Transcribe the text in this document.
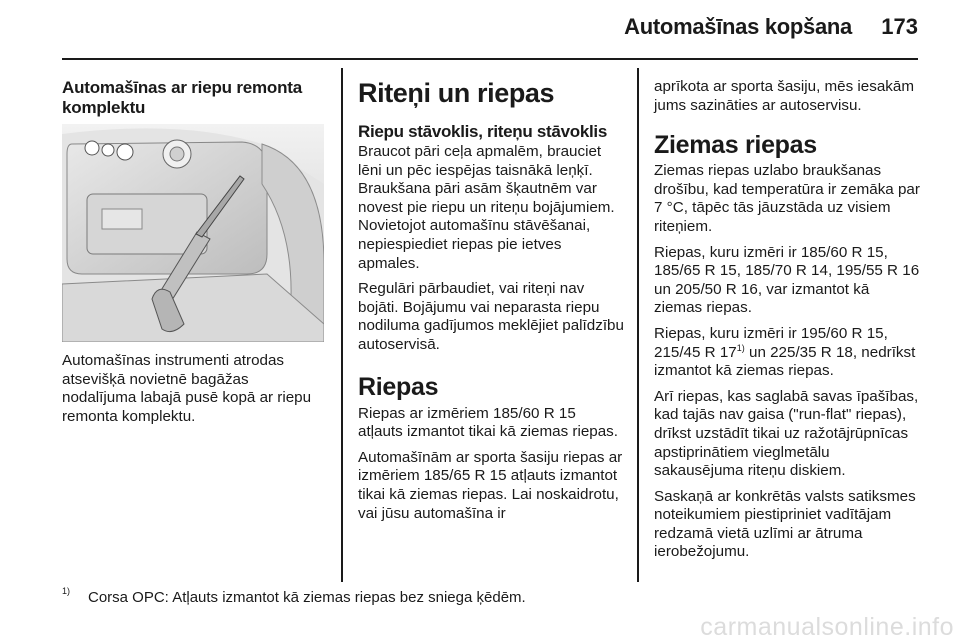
Automašīnas kopšana 173
Automašīnas ar riepu remonta komplektu

Automašīnas instrumenti atrodas atsevišķā novietnē bagāžas nodalījuma labajā pusē kopā ar riepu remonta komplektu.

Riteņi un riepas
Riepu stāvoklis, riteņu stāvoklis

Braucot pāri ceļa apmalēm, brauciet lēni un pēc iespējas taisnākā leņķī. Braukšana pāri asām šķautnēm var novest pie riepu un riteņu bojājumiem. Novietojot automašīnu stāvēšanai, nepiespiediet riepas pie ietves apmales.

Regulāri pārbaudiet, vai riteņi nav bojāti. Bojājumu vai neparasta riepu nodiluma gadījumos meklējiet palīdzību autoservisā.

Riepas

Riepas ar izmēriem 185/60 R 15 atļauts izmantot tikai kā ziemas riepas.

Automašīnām ar sporta šasiju riepas ar izmēriem 185/65 R 15 atļauts izmantot tikai kā ziemas riepas. Lai noskaidrotu, vai jūsu automašīna ir

aprīkota ar sporta šasiju, mēs iesakām jums sazināties ar autoservisu.

Ziemas riepas

Ziemas riepas uzlabo braukšanas drošību, kad temperatūra ir zemāka par 7 °C, tāpēc tās jāuzstāda uz visiem riteņiem.

Riepas, kuru izmēri ir 185/60 R 15, 185/65 R 15, 185/70 R 14, 195/55 R 16 un 205/50 R 16, var izmantot kā ziemas riepas.

Riepas, kuru izmēri ir 195/60 R 15, 215/45 R 17$^{1)}$ un 225/35 R 18, nedrīkst izmantot kā ziemas riepas.

Arī riepas, kas saglabā savas īpašības, kad tajās nav gaisa ("run-flat" riepas), drīkst uzstādīt tikai uz ražotājrūpnīcas apstiprinātiem vieglmetālu sakausējuma riteņu diskiem.

Saskaņā ar konkrētās valsts satiksmes noteikumiem piestipriniet vadītājam redzamā vietā uzlīmi ar ātruma ierobežojumu.

1) Corsa OPC: Atļauts izmantot kā ziemas riepas bez sniega ķēdēm.
carmanualsonline.info
